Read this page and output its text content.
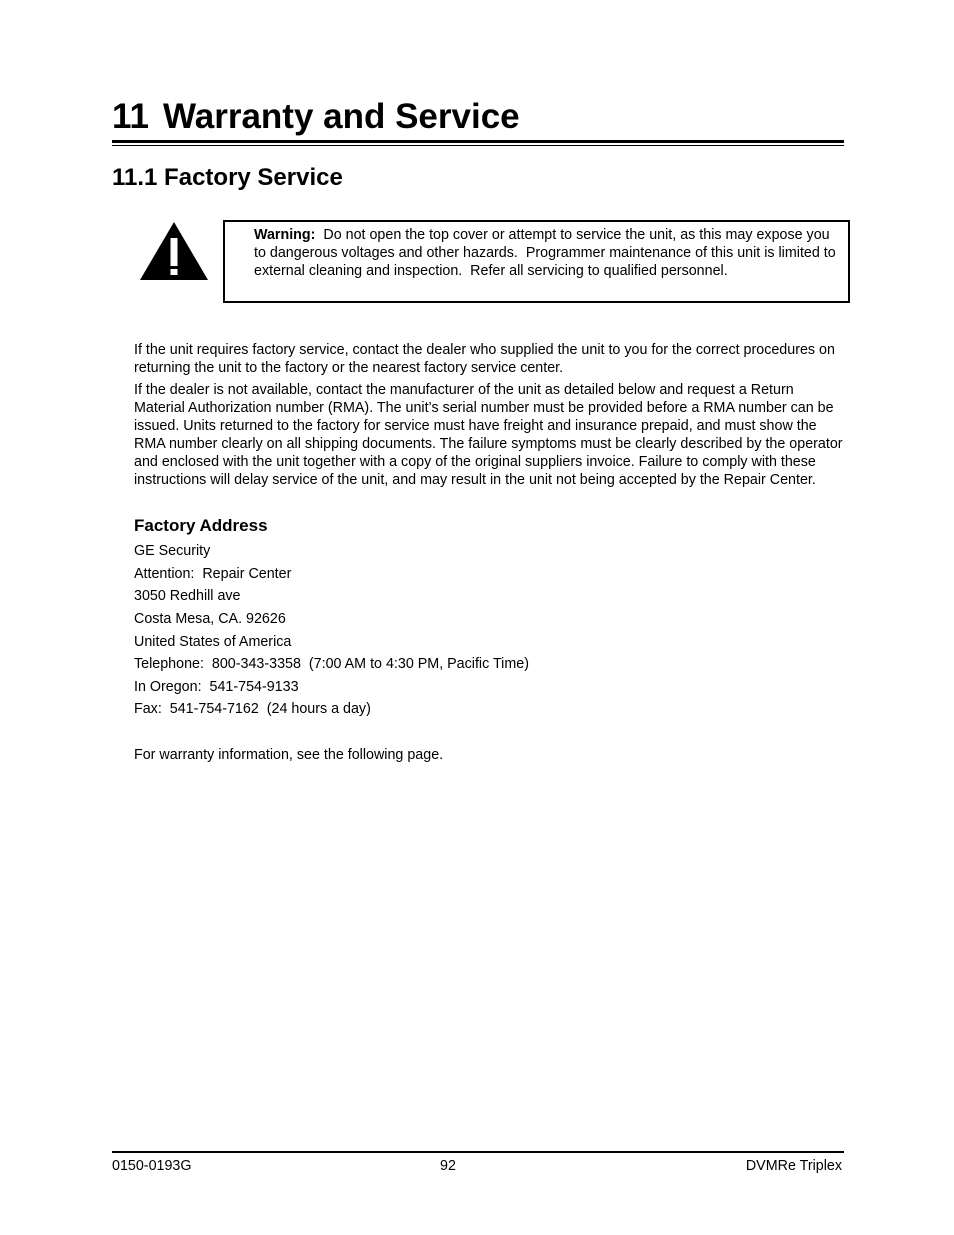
11 Warranty and Service
11.1 Factory Service

Warning:  Do not open the top cover or attempt to service the unit, as this may expose you to dangerous voltages and other hazards.  Programmer maintenance of this unit is limited to external cleaning and inspection.  Refer all servicing to qualified personnel.

If the unit requires factory service, contact the dealer who supplied the unit to you for the correct procedures on returning the unit to the factory or the nearest factory service center.

If the dealer is not available, contact the manufacturer of the unit as detailed below and request a Return Material Authorization number (RMA). The unit’s serial number must be provided before a RMA number can be issued. Units returned to the factory for service must have freight and insurance prepaid, and must show the RMA number clearly on all shipping documents. The failure symptoms must be clearly described by the operator and enclosed with the unit together with a copy of the original suppliers invoice. Failure to comply with these instructions will delay service of the unit, and may result in the unit not being accepted by the Repair Center.

Factory Address

GE Security

Attention:  Repair Center

3050 Redhill ave

Costa Mesa, CA. 92626

United States of America

Telephone:  800-343-3358  (7:00 AM to 4:30 PM, Pacific Time)

In Oregon:  541-754-9133

Fax:  541-754-7162  (24 hours a day)

For warranty information, see the following page.

0150-0193G	92	DVMRe Triplex
